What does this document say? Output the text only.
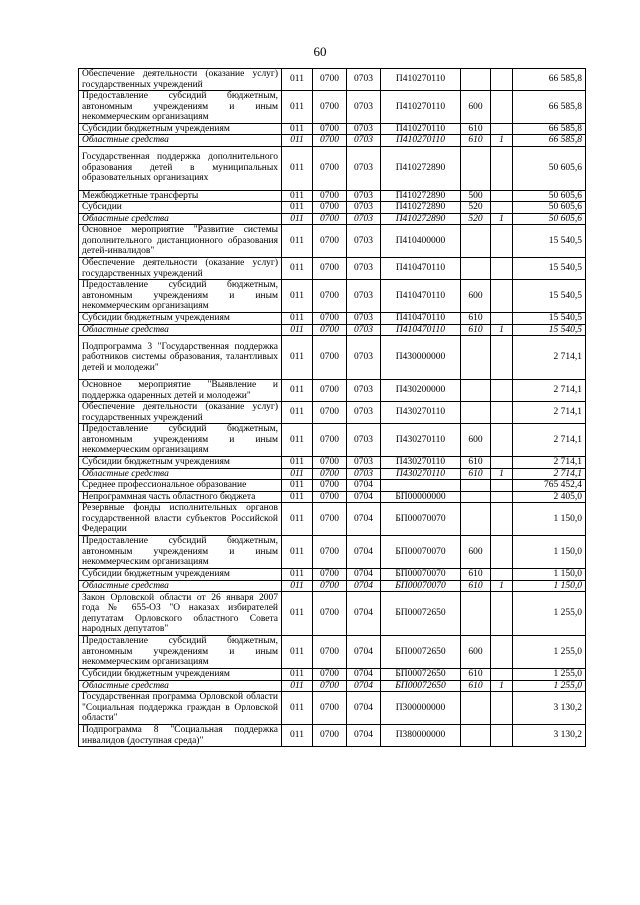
60
Обеспечение деятельности (оказание услуг) государственных учреждений	011	0700	0703	П410270110			66 585,8
Предоставление субсидий бюджетным, автономным учреждениям и иным некоммерческим организациям	011	0700	0703	П410270110	600		66 585,8
Субсидии бюджетным учреждениям	011	0700	0703	П410270110	610		66 585,8
Областные средства	011	0700	0703	П410270110	610	1	66 585,8
Государственная поддержка дополнительного образования детей в муниципальных образовательных организациях	011	0700	0703	П410272890			50 605,6
Межбюджетные трансферты	011	0700	0703	П410272890	500		50 605,6
Субсидии	011	0700	0703	П410272890	520		50 605,6
Областные средства	011	0700	0703	П410272890	520	1	50 605,6
Основное мероприятие "Развитие системы дополнительного дистанционного образования детей-инвалидов"	011	0700	0703	П410400000			15 540,5
Обеспечение деятельности (оказание услуг) государственных учреждений	011	0700	0703	П410470110			15 540,5
Предоставление субсидий бюджетным, автономным учреждениям и иным некоммерческим организациям	011	0700	0703	П410470110	600		15 540,5
Субсидии бюджетным учреждениям	011	0700	0703	П410470110	610		15 540,5
Областные средства	011	0700	0703	П410470110	610	1	15 540,5
Подпрограмма 3 "Государственная поддержка работников системы образования, талантливых детей и молодежи"	011	0700	0703	П430000000			2 714,1
Основное мероприятие "Выявление и поддержка одаренных детей и молодежи"	011	0700	0703	П430200000			2 714,1
Обеспечение деятельности (оказание услуг) государственных учреждений	011	0700	0703	П430270110			2 714,1
Предоставление субсидий бюджетным, автономным учреждениям и иным некоммерческим организациям	011	0700	0703	П430270110	600		2 714,1
Субсидии бюджетным учреждениям	011	0700	0703	П430270110	610		2 714,1
Областные средства	011	0700	0703	П430270110	610	1	2 714,1
Среднее профессиональное образование	011	0700	0704				765 452,4
Непрограммная часть областного бюджета	011	0700	0704	БП00000000			2 405,0
Резервные фонды исполнительных органов государственной власти субъектов Российской Федерации	011	0700	0704	БП00070070			1 150,0
Предоставление субсидий бюджетным, автономным учреждениям и иным некоммерческим организациям	011	0700	0704	БП00070070	600		1 150,0
Субсидии бюджетным учреждениям	011	0700	0704	БП00070070	610		1 150,0
Областные средства	011	0700	0704	БП00070070	610	1	1 150,0
Закон Орловской области от 26 января 2007 года № 655-ОЗ "О наказах избирателей депутатам Орловского областного Совета народных депутатов"	011	0700	0704	БП00072650			1 255,0
Предоставление субсидий бюджетным, автономным учреждениям и иным некоммерческим организациям	011	0700	0704	БП00072650	600		1 255,0
Субсидии бюджетным учреждениям	011	0700	0704	БП00072650	610		1 255,0
Областные средства	011	0700	0704	БП00072650	610	1	1 255,0
Государственная программа Орловской области "Социальная поддержка граждан в Орловской области"	011	0700	0704	П300000000			3 130,2
Подпрограмма 8 "Социальная поддержка инвалидов (доступная среда)"	011	0700	0704	П380000000			3 130,2
